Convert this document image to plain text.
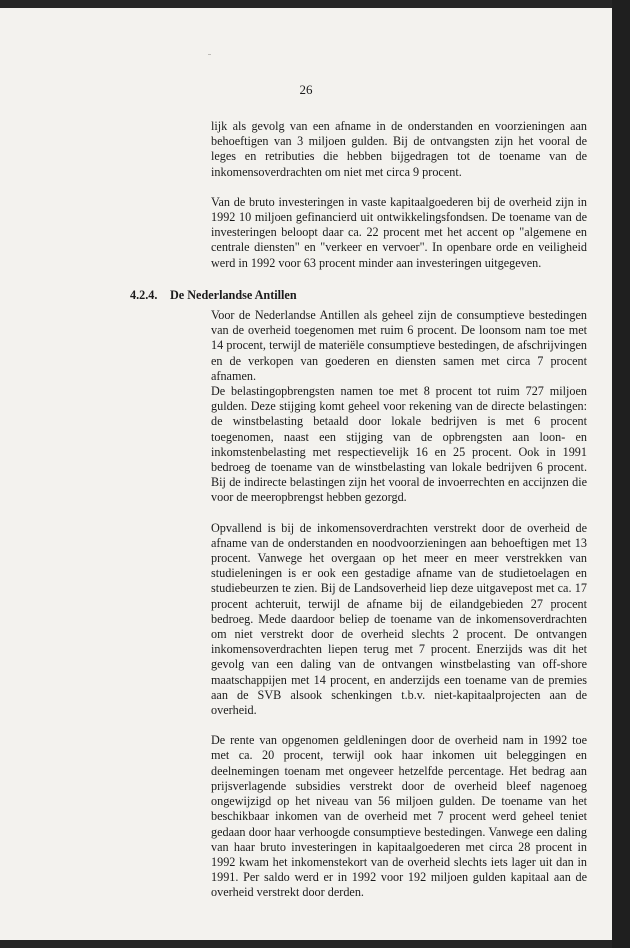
26

lijk als gevolg van een afname in de onderstanden en voorzieningen aan behoeftigen van 3 miljoen gulden. Bij de ontvangsten zijn het vooral de leges en retributies die hebben bijgedragen tot de toename van de inkomensoverdrachten om niet met circa 9 procent.

Van de bruto investeringen in vaste kapitaalgoederen bij de overheid zijn in 1992 10 miljoen gefinancierd uit ontwikkelingsfondsen. De toename van de investeringen beloopt daar ca. 22 procent met het accent op "algemene en centrale diensten" en "verkeer en vervoer". In openbare orde en veiligheid werd in 1992 voor 63 procent minder aan investeringen uitgegeven.

4.2.4. De Nederlandse Antillen

Voor de Nederlandse Antillen als geheel zijn de consumptieve bestedingen van de overheid toegenomen met ruim 6 procent. De loonsom nam toe met 14 procent, terwijl de materiële consumptieve bestedingen, de afschrijvingen en de verkopen van goederen en diensten samen met circa 7 procent afnamen.

De belastingopbrengsten namen toe met 8 procent tot ruim 727 miljoen gulden. Deze stijging komt geheel voor rekening van de directe belastingen: de winstbelasting betaald door lokale bedrijven is met 6 procent toegenomen, naast een stijging van de opbrengsten aan loon- en inkomstenbelasting met respectievelijk 16 en 25 procent. Ook in 1991 bedroeg de toename van de winstbelasting van lokale bedrijven 6 procent. Bij de indirecte belastingen zijn het vooral de invoerrechten en accijnzen die voor de meeropbrengst hebben gezorgd.

Opvallend is bij de inkomensoverdrachten verstrekt door de overheid de afname van de onderstanden en noodvoorzieningen aan behoeftigen met 13 procent. Vanwege het overgaan op het meer en meer verstrekken van studieleningen is er ook een gestadige afname van de studietoelagen en studiebeurzen te zien. Bij de Landsoverheid liep deze uitgavepost met ca. 17 procent achteruit, terwijl de afname bij de eilandgebieden 27 procent bedroeg. Mede daardoor beliep de toename van de inkomensoverdrachten om niet verstrekt door de overheid slechts 2 procent. De ontvangen inkomensoverdrachten liepen terug met 7 procent. Enerzijds was dit het gevolg van een daling van de ontvangen winstbelasting van off-shore maatschappijen met 14 procent, en anderzijds een toename van de premies aan de SVB alsook schenkingen t.b.v. niet-kapitaalprojecten aan de overheid.

De rente van opgenomen geldleningen door de overheid nam in 1992 toe met ca. 20 procent, terwijl ook haar inkomen uit beleggingen en deelnemingen toenam met ongeveer hetzelfde percentage. Het bedrag aan prijsverlagende subsidies verstrekt door de overheid bleef nagenoeg ongewijzigd op het niveau van 56 miljoen gulden. De toename van het beschikbaar inkomen van de overheid met 7 procent werd geheel teniet gedaan door haar verhoogde consumptieve bestedingen. Vanwege een daling van haar bruto investeringen in kapitaalgoederen met circa 28 procent in 1992 kwam het inkomenstekort van de overheid slechts iets lager uit dan in 1991. Per saldo werd er in 1992 voor 192 miljoen gulden kapitaal aan de overheid verstrekt door derden.
